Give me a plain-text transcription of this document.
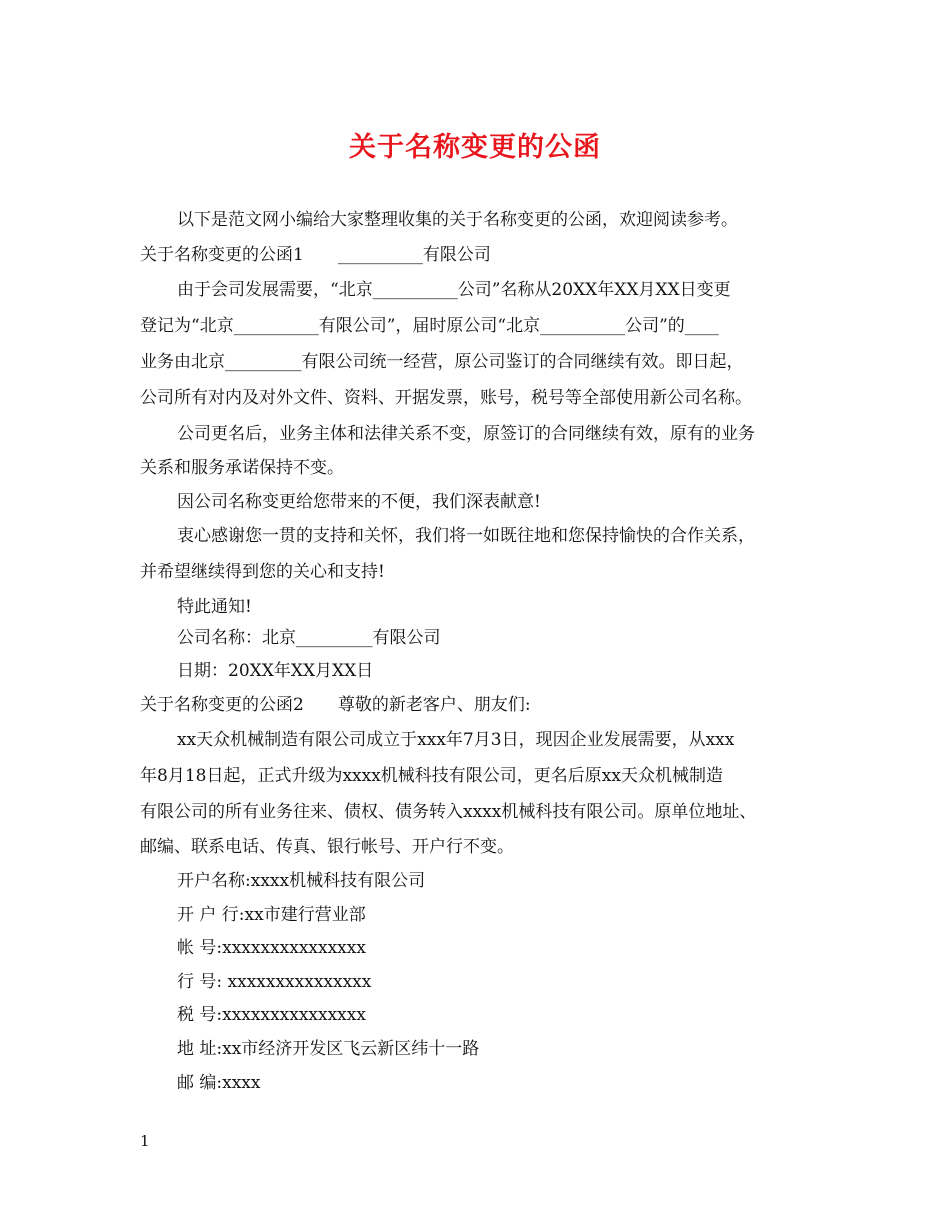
关于名称变更的公函
以下是范文网小编给大家整理收集的关于名称变更的公函，欢迎阅读参考。
关于名称变更的公函1　　__________有限公司
由于会司发展需要，“北京__________公司”名称从20XX年XX月XX日变更
登记为“北京__________有限公司”，届时原公司“北京__________公司”的____
业务由北京_________有限公司统一经营，原公司鉴订的合同继续有效。即日起，
公司所有对内及对外文件、资料、开据发票，账号，税号等全部使用新公司名称。
公司更名后，业务主体和法律关系不变，原签订的合同继续有效，原有的业务
关系和服务承诺保持不变。
因公司名称变更给您带来的不便，我们深表献意!
衷心感谢您一贯的支持和关怀，我们将一如既往地和您保持愉快的合作关系，
并希望继续得到您的关心和支持!
特此通知!
公司名称：北京_________有限公司
日期：20XX年XX月XX日
关于名称变更的公函2　　尊敬的新老客户、朋友们:
xx天众机械制造有限公司成立于xxx年7月3日，现因企业发展需要，从xxx
年8月18日起，正式升级为xxxx机械科技有限公司，更名后原xx天众机械制造
有限公司的所有业务往来、债权、债务转入xxxx机械科技有限公司。原单位地址、
邮编、联系电话、传真、银行帐号、开户行不变。
开户名称:xxxx机械科技有限公司
开 户 行:xx市建行营业部
帐 号:xxxxxxxxxxxxxxx
行 号: xxxxxxxxxxxxxxx
税 号:xxxxxxxxxxxxxxx
地 址:xx市经济开发区飞云新区纬十一路
邮 编:xxxx
1
